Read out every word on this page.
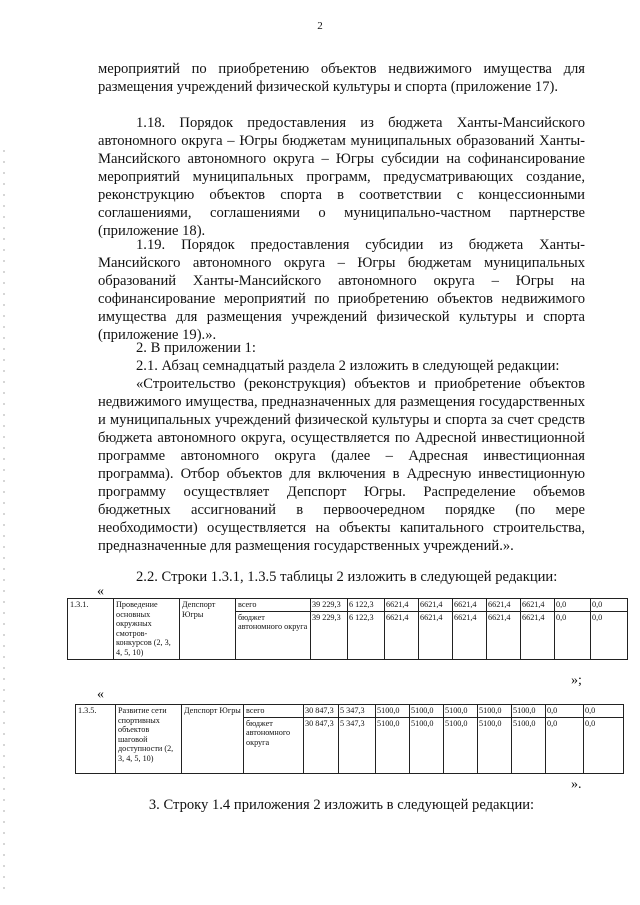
2

мероприятий по приобретению объектов недвижимого имущества для размещения учреждений физической культуры и спорта (приложение 17).

1.18. Порядок предоставления из бюджета Ханты-Мансийского автономного округа – Югры бюджетам муниципальных образований Ханты-Мансийского автономного округа – Югры субсидии на софинансирование мероприятий муниципальных программ, предусматривающих создание, реконструкцию объектов спорта в соответствии с концессионными соглашениями, соглашениями о муниципально-частном партнерстве (приложение 18).

1.19. Порядок предоставления субсидии из бюджета Ханты-Мансийского автономного округа – Югры бюджетам муниципальных образований Ханты-Мансийского автономного округа – Югры на софинансирование мероприятий по приобретению объектов недвижимого имущества для размещения учреждений физической культуры и спорта (приложение 19).».

2. В приложении 1:

2.1. Абзац семнадцатый раздела 2 изложить в следующей редакции:

«Строительство (реконструкция) объектов и приобретение объектов недвижимого имущества, предназначенных для размещения государственных и муниципальных учреждений физической культуры и спорта за счет средств бюджета автономного округа, осуществляется по Адресной инвестиционной программе автономного округа (далее – Адресная инвестиционная программа). Отбор объектов для включения в Адресную инвестиционную программу осуществляет Депспорт Югры. Распределение объемов бюджетных ассигнований в первоочередном порядке (по мере необходимости) осуществляется на объекты капитального строительства, предназначенные для размещения государственных учреждений.».

2.2. Строки 1.3.1, 1.3.5 таблицы 2 изложить в следующей редакции:

«
1.3.1.	Проведение основных окружных смотров-конкурсов (2, 3, 4, 5, 10)	Депспорт Югры	всего	39 229,3	6 122,3	6621,4	6621,4	6621,4	6621,4	6621,4	0,0	0,0
			бюджет автономного округа	39 229,3	6 122,3	6621,4	6621,4	6621,4	6621,4	6621,4	0,0	0,0
»;
«
1.3.5.	Развитие сети спортивных объектов шаговой доступности (2, 3, 4, 5, 10)	Депспорт Югры	всего	30 847,3	5 347,3	5100,0	5100,0	5100,0	5100,0	5100,0	0,0	0,0
			бюджет автономного округа	30 847,3	5 347,3	5100,0	5100,0	5100,0	5100,0	5100,0	0,0	0,0
».

3. Строку 1.4 приложения 2 изложить в следующей редакции:
